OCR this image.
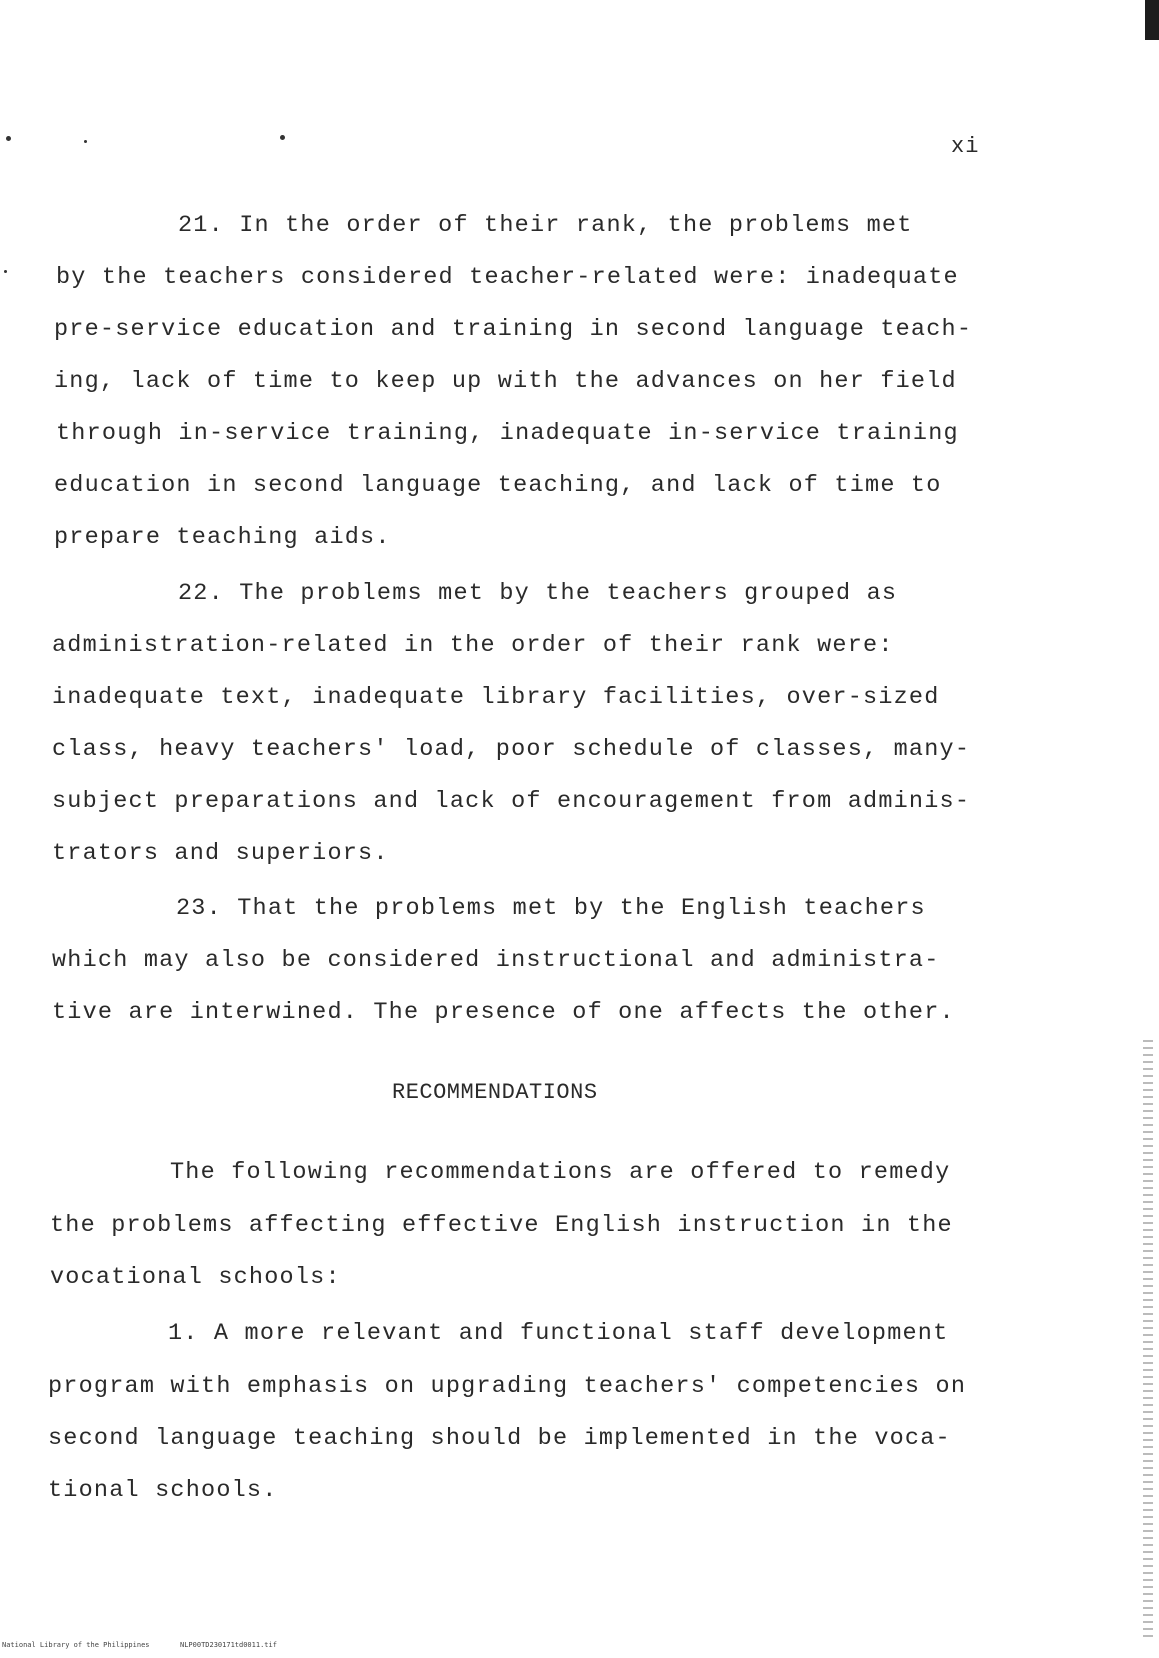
xi
21. In the order of their rank, the problems met
by the teachers considered teacher-related were: inadequate
pre-service education and training in second language teach-
ing, lack of time to keep up with the advances on her field
through in-service training, inadequate in-service training
education in second language teaching, and lack of time to
prepare teaching aids.
22. The problems met by the teachers grouped as
administration-related in the order of their rank were:
inadequate text, inadequate library facilities, over-sized
class, heavy teachers' load, poor schedule of classes, many-
subject preparations and lack of encouragement from adminis-
trators and superiors.
23. That the problems met by the English teachers
which may also be considered instructional and administra-
tive are interwined. The presence of one affects the other.
RECOMMENDATIONS
The following recommendations are offered to remedy
the problems affecting effective English instruction in the
vocational schools:
1. A more relevant and functional staff development
program with emphasis on upgrading teachers' competencies on
second language teaching should be implemented in the voca-
tional schools.
National Library of the Philippines	NLP00TD230171td0011.tif
